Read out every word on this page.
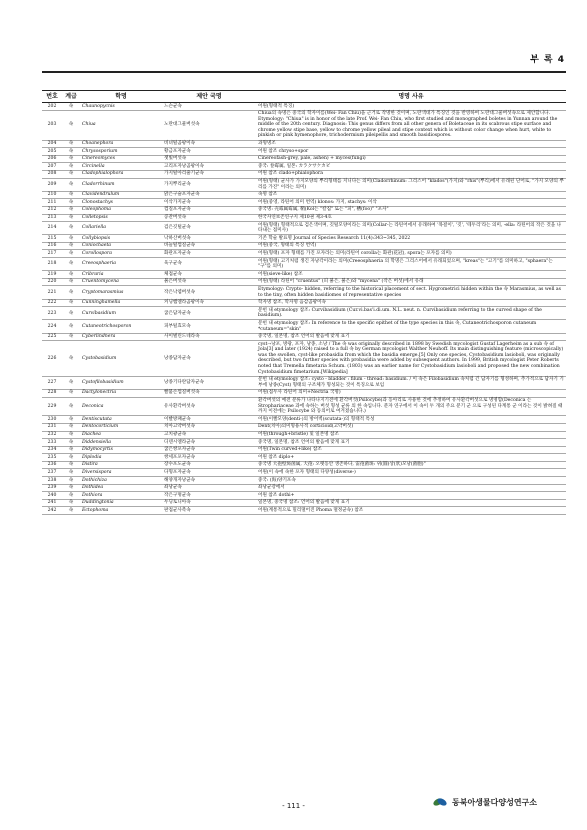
부 록 4
번호	계급	학명	제안 국명	명명 사유
202	속	Chaunopycnis	느슨균속	어원(형태적 특징)
203	속	Chiua	노란대그물버섯속	Chiua의 속명은 중국의 학자이름(Wei- Fan Chiu)을 근거로 작명한 것이며, 노란색대가 특징인 것을 반영하여 노란대그물버섯속으로 제안합니다. Etymology: "Chiua" is in honor of the late Prof. Wei- Fan Chiu, who first studied and monographed boletes in Yunnan around the middle of the 20th century. Diagnosis: This genus differs from all other genera of Boletaceae in its scabrous stipe surface and chrome yellow stipe base, yellow to chrome yellow pileal and stipe context which is without color change when hurt, white to pinkish or pink hymenophore, trichodermium pileipellis and smooth basidiospores.
204	속	Choanephora	비녀털곰팡이속	과형명조
205	속	Chrysosporium	황금포자균속	어원 참조 chryso+spor
206	속	Cinereomyces	잿빛버섯속	Cinereofash-grey, pale, ashen) + myces(fungi)
207	속	Circinella	고리포자낭곰팡이속	중국: 卷霉属, 일본: カラクサケカビ
208	속	Cladophialophora	가지털아리줄기균속	어원 참조 clado+phialophora
209	속	Cladorrhinum	가지뿌리균속	어원(형태) 균사가 가지모양의 뿌리형태를 지니다는 의미(Cladorrhinum: 그리스어 "klados"(가지)와 "rhis"(뿌리)에서 유래된 단어로, "가지 모양의 뿌리를 가진" 이라는 의미)
210	속	Clavidendrulum	맑은구슬포자균속	속명 참조
211	속	Clonostachys	이삭가지균속	어원(중영, 라틴어 의미 번역) klonos: 가지, stachys: 이삭
212	속	Coleophoma	껍질포자균속	중국명: 壳霉属霉属, 鞘(Kol는 "칼집" 또는 "피", 槽(foo)" "포자"
213	속	Colletopsis	콩잔버섯속	한국자연보존연구지 제10권 제3-4호
214	속	Collariella	검은깃털균속	어원(형태) 형태적으로 검은색이며, 깃털모양이라는 의미(Collar-는 라틴어에서 유래하여 '목걸이', '깃', '테두리'라는 의미, -ella: 라틴어의 작은 것을 나타내는 접미사)
215	속	Collybiopsis	낙하산버섯속	기존 학술 발표명 Journal of Species Research 11(4):343~345, 2022
216	속	Coniochaeta	바늘털껍질균속	어원(중국, 형태의 특징 번역)
217	속	Corollospora	화관포자균속	어원(형태) 포자 형태를 가진 포자라는 의미(라틴어 corolla는 화관(花冠), spora는 포자를 의미)
218	속	Creeosphaeria	육구균속	어원(형태) 고기처럼 생긴 자낭각이라는 의미(Creeosphaeria 의 학명은 그리스어에서 유래되었으며, "kreas"는 "고기"를 의미하고, "sphaera"는 "구"를 의미)
219	속	Cribraria	체접균속	어원(sieve-like) 참조
220	속	Cruentomycena	붉은버섯속	어원(형태) 라틴어 "cruentus" (피 붉은, 붉은)와 "mycena" (작은 버섯)에서 유래
221	속	Cryptomarasmius	작은낙엽버섯속	Etymology: Crypto- hidden, referring to the historical placement of sect. Hygrometrici hidden within the 속 Marasmius, as well as to the tiny, often hidden basidiomes of representative species
222	속	Cunninghamella	커닝햄엘라곰팡이속	학자명 참조, 학자명 음감곰팡이속
223	속	Curvibasidium	굽은담자균속	문헌 내 etymology 참조: Curvibasidium (Cur.vi.bas'i.di.um. N.L. neut. n. Curvibasidium referring to the curved shape of the basidium).
224	속	Cutaneotrichosporon	피부털효모속	문헌 내 etymology 참조: In reference to the specific epithet of the type species in this 속, Cutaneotrichosporon cutaneum *cutaneum="skin"
225	속	Cyberlindnera	사이벌린드네라속	중국명, 일본명, 참조 언어의 발음에 맞게 표기
226	속	Cystobasidium	낭종담자균속	cyst→낭포, 방광, 포자, 낭종, 소낭 / The 속 was originally described in 1898 by Swedish mycologist Gustaf Lagerheim as a sub 속 of Jola[3] and later (1924) raised to a full 속 by German mycologist Walther Neuhoff. Its main distinguishing feature (microscopically) was the swollen, cyst-like probasidia from which the basidia emerge.[5] Only one species, Cystobasidium lasioboli, was originally described, but two further species with probasidia were added by subsequent authors. In 1999, British mycologist Peter Roberts noted that Tremella fimetaria Schum. (1803) was an earlier name for Cystobasidium lasioboli and proposed the new combination Cystobasidium fimetarium.[Wikipedia]
227	속	Cystofilobasidium	낭종기다란담자균속	문헌 내 etymology 참조: cysto - bladder : filum - thread: basidium. / 이 속은 Filobasidium 속처럼 긴 담자기를 형성하며, 추가적으로 담자기 기부에 낭종(Cyst) 형태의 구조체가 형성되는 것이 특징으로 보임
228	속	Dactylonectria	빨불손껍질버섯속	어원(접두사 라틴어 의미+Nectria 국명)
229	속	Deconica	유사환각버섯속	환각버섯의 예전 분류가 나타나지기전에 환각버섯(Psilocybe)과 동아리로 사용한 것에 추정하여 유사환각버섯으로 명명함(Deconica 는 Strophariaceae 과에 속하는 버섯 형성 균류 의 한 속입니다. 분자 연구에서 이 속이 두 개의 주요 분기 군 으로 구성된 다계통 군 이라는 것이 밝혀질 때까지 이전에는 Psilocybe 와 동의어로 여겨졌습니다.)
230	속	Dentiscutata	이빨방패균속	어원(이빨모양(denti-)의 방어벽(scutata-)의 형태적 특성
231	속	Dentocorticium	치아고약버섯속	Dent(치아)의미형용사적 corticioid(고약버섯)
232	속	Diachea	고치광균속	어원(through+bristle) 및 일본명 참조
233	속	Diddensiella	디덴시엘라균속	중국명, 일본명, 참조 언어의 발음에 맞게 표기
234	속	Didymocyrtis	굽은쌍포자균속	어원(Twin curved+like) 참조
235	속	Diplodia	쌍세포포자균속	어원 참조 diplo+
236	속	Distira	장수포도균속	중국명 大孢壁斑菌属, 大孢: 오랫동안 생존하다, 雷孢菌斑: 위(圓)상(狀)모낭(菌胞)"
237	속	Diversispora	다형포자균속	어원(이 속에 속한 포자 형태의 다양성(diverse-)
238	속	Dothichiza	해양개자낭균속	중국: (海)양기포속
239	속	Dothidea	좌낭균속	좌낭균강에서
240	속	Dothiora	작은구멍균속	어원 참조 dothi+
241	속	Duddingtonia	두딩토니아속	일본명, 중국명 참조: 언어의 발음에 맞게 표기
242	속	Ectophoma	판접균사촉속	어원(계통적으로 밀리떨어진 Phoma 떨정균속) 참조
- 111 -	동북아생물다양성연구소
